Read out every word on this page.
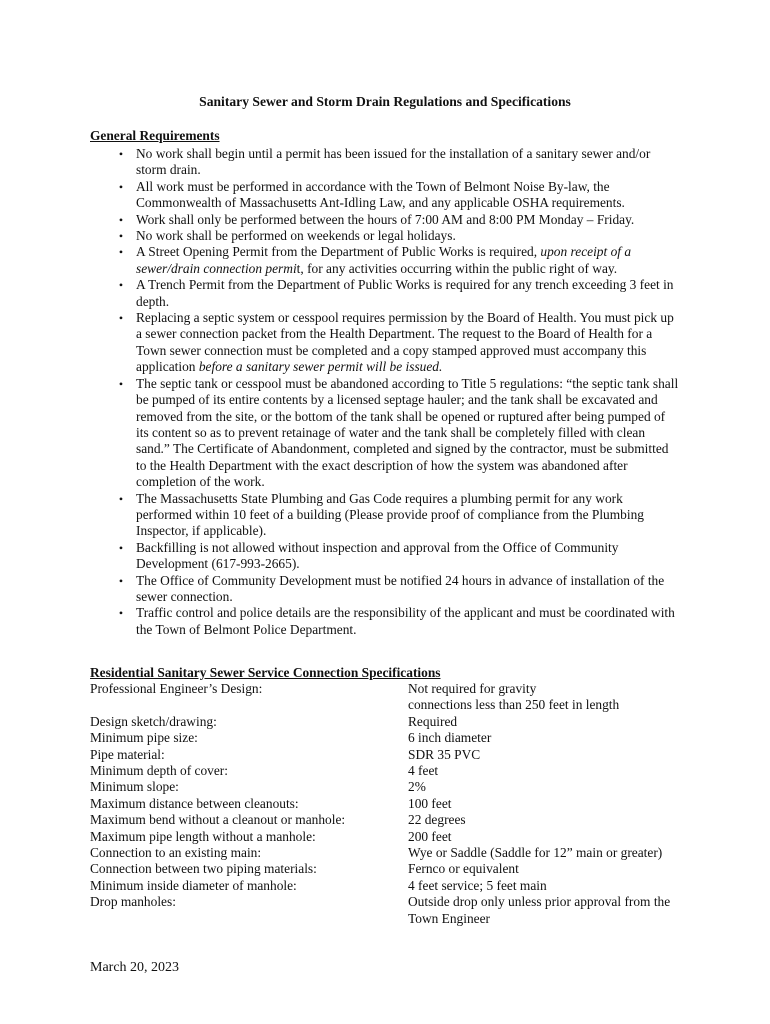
Sanitary Sewer and Storm Drain Regulations and Specifications
General Requirements
• No work shall begin until a permit has been issued for the installation of a sanitary sewer and/or storm drain.
• All work must be performed in accordance with the Town of Belmont Noise By-law, the Commonwealth of Massachusetts Ant-Idling Law, and any applicable OSHA requirements.
• Work shall only be performed between the hours of 7:00 AM and 8:00 PM Monday – Friday.
• No work shall be performed on weekends or legal holidays.
• A Street Opening Permit from the Department of Public Works is required, upon receipt of a sewer/drain connection permit, for any activities occurring within the public right of way.
• A Trench Permit from the Department of Public Works is required for any trench exceeding 3 feet in depth.
• Replacing a septic system or cesspool requires permission by the Board of Health. You must pick up a sewer connection packet from the Health Department. The request to the Board of Health for a Town sewer connection must be completed and a copy stamped approved must accompany this application before a sanitary sewer permit will be issued.
• The septic tank or cesspool must be abandoned according to Title 5 regulations: “the septic tank shall be pumped of its entire contents by a licensed septage hauler; and the tank shall be excavated and removed from the site, or the bottom of the tank shall be opened or ruptured after being pumped of its content so as to prevent retainage of water and the tank shall be completely filled with clean sand.” The Certificate of Abandonment, completed and signed by the contractor, must be submitted to the Health Department with the exact description of how the system was abandoned after completion of the work.
• The Massachusetts State Plumbing and Gas Code requires a plumbing permit for any work performed within 10 feet of a building (Please provide proof of compliance from the Plumbing Inspector, if applicable).
• Backfilling is not allowed without inspection and approval from the Office of Community Development (617-993-2665).
• The Office of Community Development must be notified 24 hours in advance of installation of the sewer connection.
• Traffic control and police details are the responsibility of the applicant and must be coordinated with the Town of Belmont Police Department.
Residential Sanitary Sewer Service Connection Specifications
Professional Engineer’s Design:	Not required for gravity
connections less than 250 feet in length
Design sketch/drawing:	Required
Minimum pipe size:	6 inch diameter
Pipe material:	SDR 35 PVC
Minimum depth of cover:	4 feet
Minimum slope:	2%
Maximum distance between cleanouts:	100 feet
Maximum bend without a cleanout or manhole:	22 degrees
Maximum pipe length without a manhole:	200 feet
Connection to an existing main:	Wye or Saddle (Saddle for 12” main or greater)
Connection between two piping materials:	Fernco or equivalent
Minimum inside diameter of manhole:	4 feet service; 5 feet main
Drop manholes:	Outside drop only unless prior approval from the
Town Engineer
March 20, 2023
